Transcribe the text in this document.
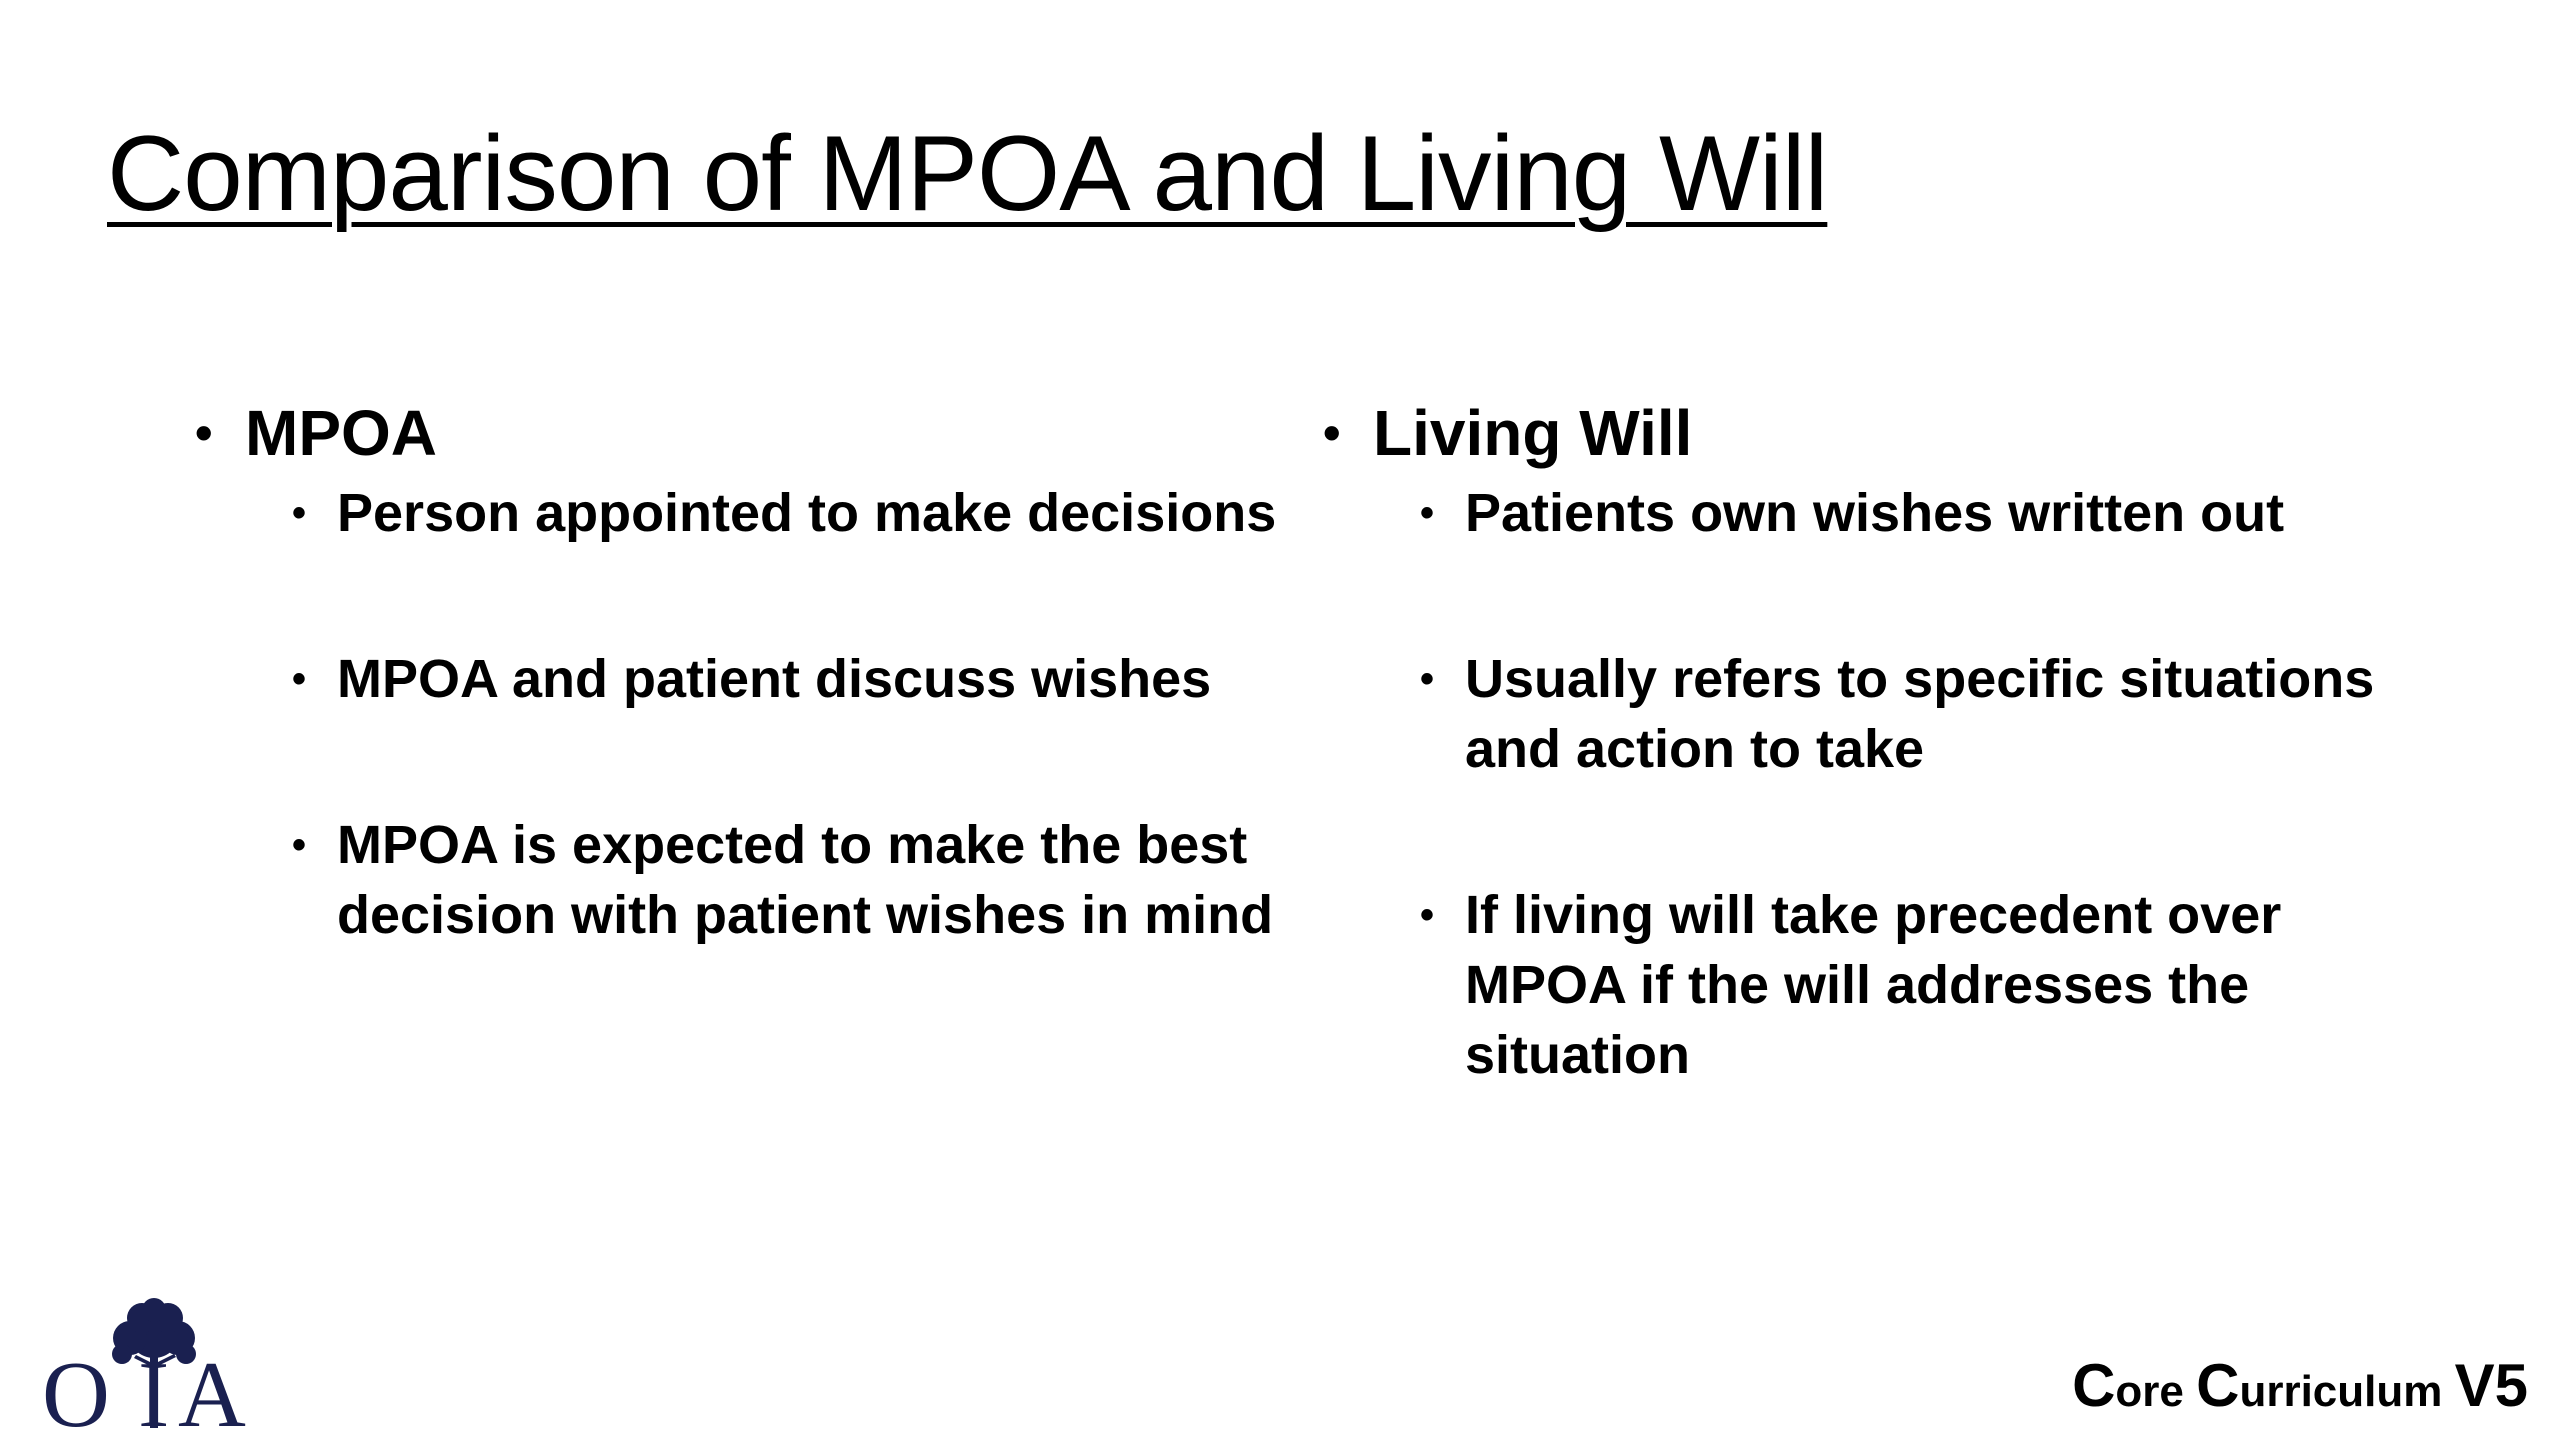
Comparison of MPOA and Living Will
• MPOA
• Person appointed to make decisions
• MPOA and patient discuss wishes
• MPOA is expected to make the best decision with patient wishes in mind
• Living Will
• Patients own wishes written out
• Usually refers to specific situations and action to take
• If living will take precedent over MPOA if the will addresses the situation
O I A	Core Curriculum V5
